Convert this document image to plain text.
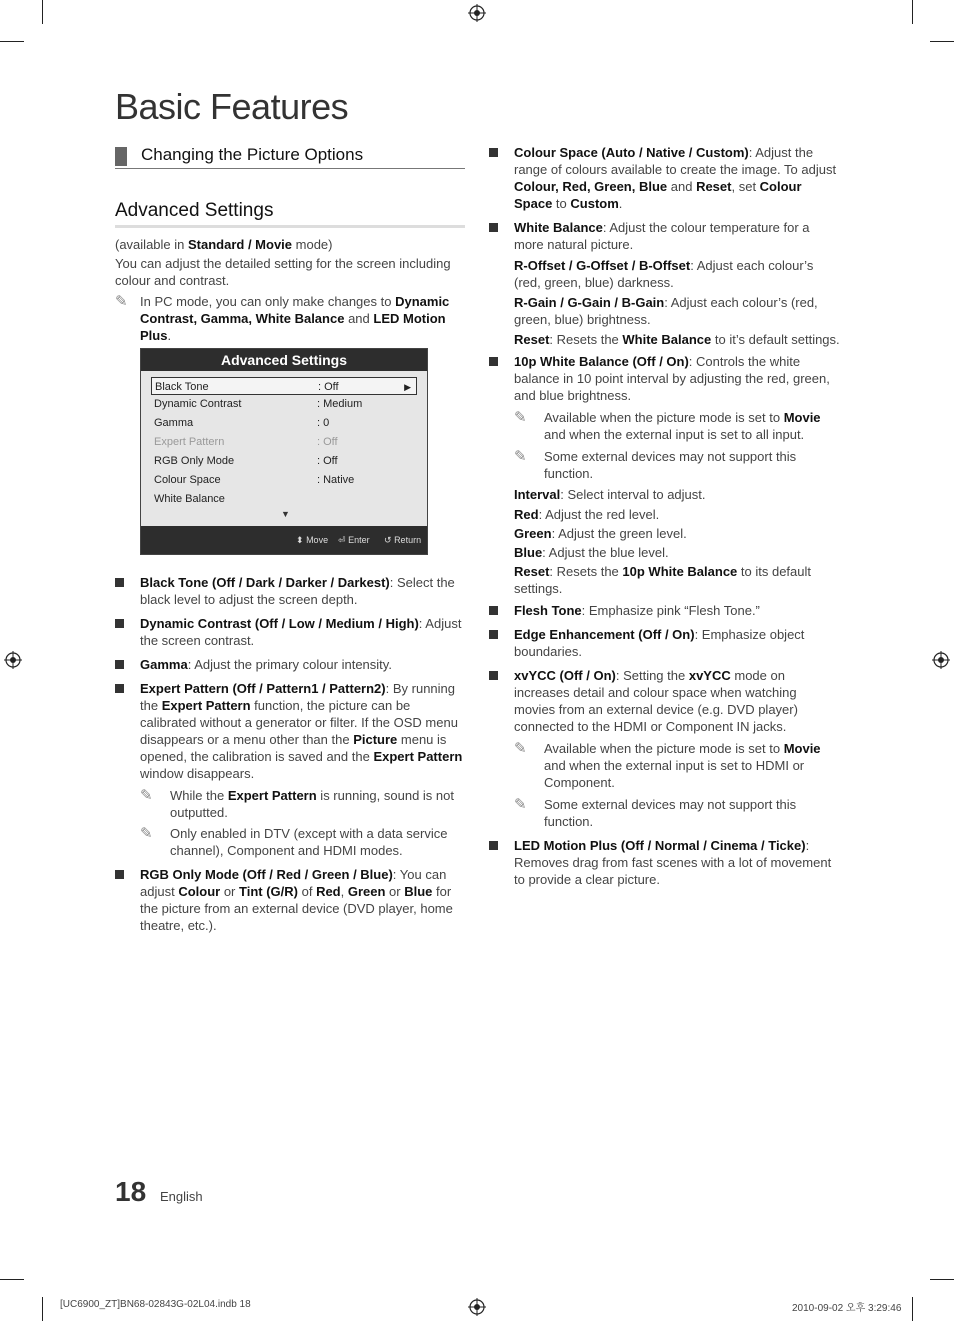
Basic Features
Changing the Picture Options
Advanced Settings

(available in Standard / Movie mode)

You can adjust the detailed setting for the screen including colour and contrast.

✎ In PC mode, you can only make changes to Dynamic Contrast, Gamma, White Balance and LED Motion Plus.
Advanced Settings
Black Tone	: Off	▶
Dynamic Contrast	: Medium
Gamma	: 0
Expert Pattern	: Off
RGB Only Mode	: Off
Colour Space	: Native
White Balance
▼
⬍ Move ⏎ Enter ↺ Return
Black Tone (Off / Dark / Darker / Darkest): Select the black level to adjust the screen depth.
Dynamic Contrast (Off / Low / Medium / High): Adjust the screen contrast.
Gamma: Adjust the primary colour intensity.
Expert Pattern (Off / Pattern1 / Pattern2): By running the Expert Pattern function, the picture can be calibrated without a generator or filter. If the OSD menu disappears or a menu other than the Picture menu is opened, the calibration is saved and the Expert Pattern window disappears.
✎ While the Expert Pattern is running, sound is not outputted.
✎ Only enabled in DTV (except with a data service channel), Component and HDMI modes.
RGB Only Mode (Off / Red / Green / Blue): You can adjust Colour or Tint (G/R) of Red, Green or Blue for the picture from an external device (DVD player, home theatre, etc.).
Colour Space (Auto / Native / Custom): Adjust the range of colours available to create the image. To adjust Colour, Red, Green, Blue and Reset, set Colour Space to Custom.
White Balance: Adjust the colour temperature for a more natural picture.

R-Offset / G-Offset / B-Offset: Adjust each colour’s (red, green, blue) darkness.

R-Gain / G-Gain / B-Gain: Adjust each colour’s (red, green, blue) brightness.

Reset: Resets the White Balance to it’s default settings.

10p White Balance (Off / On): Controls the white balance in 10 point interval by adjusting the red, green, and blue brightness.
✎ Available when the picture mode is set to Movie and when the external input is set to all input.
✎ Some external devices may not support this function.

Interval: Select interval to adjust.

Red: Adjust the red level.

Green: Adjust the green level.

Blue: Adjust the blue level.

Reset: Resets the 10p White Balance to its default settings.

Flesh Tone: Emphasize pink “Flesh Tone.”
Edge Enhancement (Off / On): Emphasize object boundaries.
xvYCC (Off / On): Setting the xvYCC mode on increases detail and colour space when watching movies from an external device (e.g. DVD player) connected to the HDMI or Component IN jacks.
✎ Available when the picture mode is set to Movie and when the external input is set to HDMI or Component.
✎ Some external devices may not support this function.
LED Motion Plus (Off / Normal / Cinema / Ticke): Removes drag from fast scenes with a lot of movement to provide a clear picture.
18 English
[UC6900_ZT]BN68-02843G-02L04.indb 18	2010-09-02 오후 3:29:46
